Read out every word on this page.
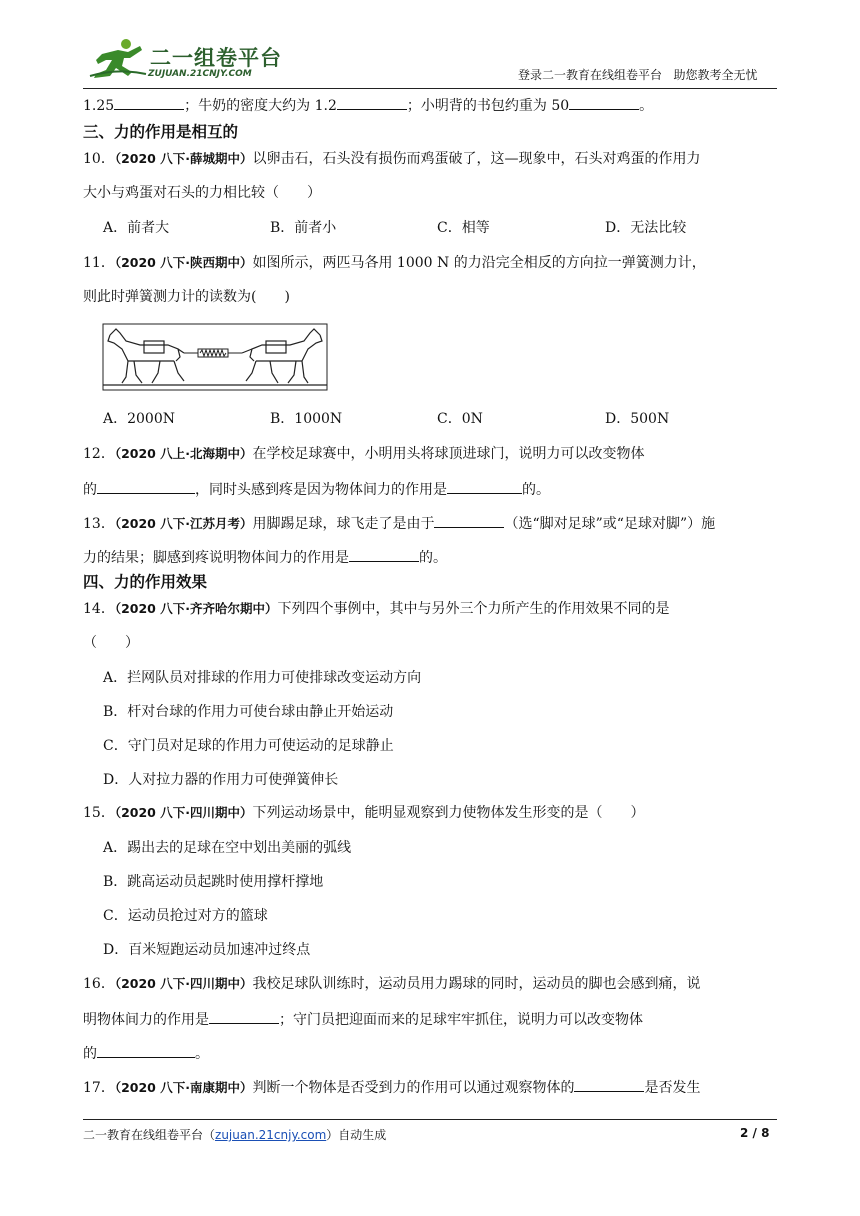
二一组卷平台
ZUJUAN.21CNJY.COM	登录二一教育在线组卷平台   助您教考全无忧
1.25	；牛奶的密度大约为 1.2	；小明背的书包约重为 50	。
三、力的作用是相互的
10．（2020 八下·薛城期中）以卵击石，石头没有损伤而鸡蛋破了，这—现象中，石头对鸡蛋的作用力
大小与鸡蛋对石头的力相比较（　　）
A．前者大	B．前者小	C．相等	D．无法比较
11．（2020 八下·陕西期中）如图所示，两匹马各用 1000 N 的力沿完全相反的方向拉一弹簧测力计，
则此时弹簧测力计的读数为(　　)
A．2000N	B．1000N	C．0N	D．500N
12．（2020 八上·北海期中）在学校足球赛中，小明用头将球顶进球门，说明力可以改变物体
的	，同时头感到疼是因为物体间力的作用是	的。
13．（2020 八下·江苏月考）用脚踢足球，球飞走了是由于	（选“脚对足球”或“足球对脚”）施
力的结果；脚感到疼说明物体间力的作用是	的。
四、力的作用效果
14．（2020 八下·齐齐哈尔期中）下列四个事例中，其中与另外三个力所产生的作用效果不同的是
（　　）
A．拦网队员对排球的作用力可使排球改变运动方向
B．杆对台球的作用力可使台球由静止开始运动
C．守门员对足球的作用力可使运动的足球静止
D．人对拉力器的作用力可使弹簧伸长
15．（2020 八下·四川期中）下列运动场景中，能明显观察到力使物体发生形变的是（　　）
A．踢出去的足球在空中划出美丽的弧线
B．跳高运动员起跳时使用撑杆撑地
C．运动员抢过对方的篮球
D．百米短跑运动员加速冲过终点
16．（2020 八下·四川期中）我校足球队训练时，运动员用力踢球的同时，运动员的脚也会感到痛，说
明物体间力的作用是	；守门员把迎面而来的足球牢牢抓住，说明力可以改变物体
的	。
17．（2020 八下·南康期中）判断一个物体是否受到力的作用可以通过观察物体的	是否发生
二一教育在线组卷平台（zujuan.21cnjy.com）自动生成	2 / 8
